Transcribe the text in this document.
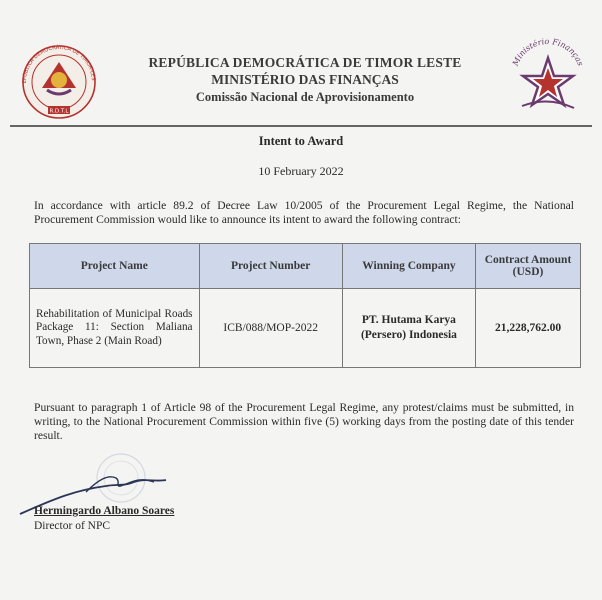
EPÚBLICA DEMOCRÁTICA DE TIMOR-LES
R.D.T.L
REPÚBLICA DEMOCRÁTICA DE TIMOR LESTE
MINISTÉRIO DAS FINANÇAS
Comissão Nacional de Aprovisionamento
Ministério Finanças
Intent to Award
10 February 2022
In accordance with article 89.2 of Decree Law 10/2005 of the Procurement Legal Regime, the National Procurement Commission would like to announce its intent to award the following contract:
Project Name	Project Number	Winning Company	Contract Amount (USD)
Rehabilitation of Municipal Roads Package 11: Section Maliana Town, Phase 2 (Main Road)	ICB/088/MOP-2022	PT. Hutama Karya (Persero) Indonesia	21,228,762.00
Pursuant to paragraph 1 of Article 98 of the Procurement Legal Regime, any protest/claims must be submitted, in writing, to the National Procurement Commission within five (5) working days from the posting date of this tender result.
Hermingardo Albano Soares
Director of NPC
